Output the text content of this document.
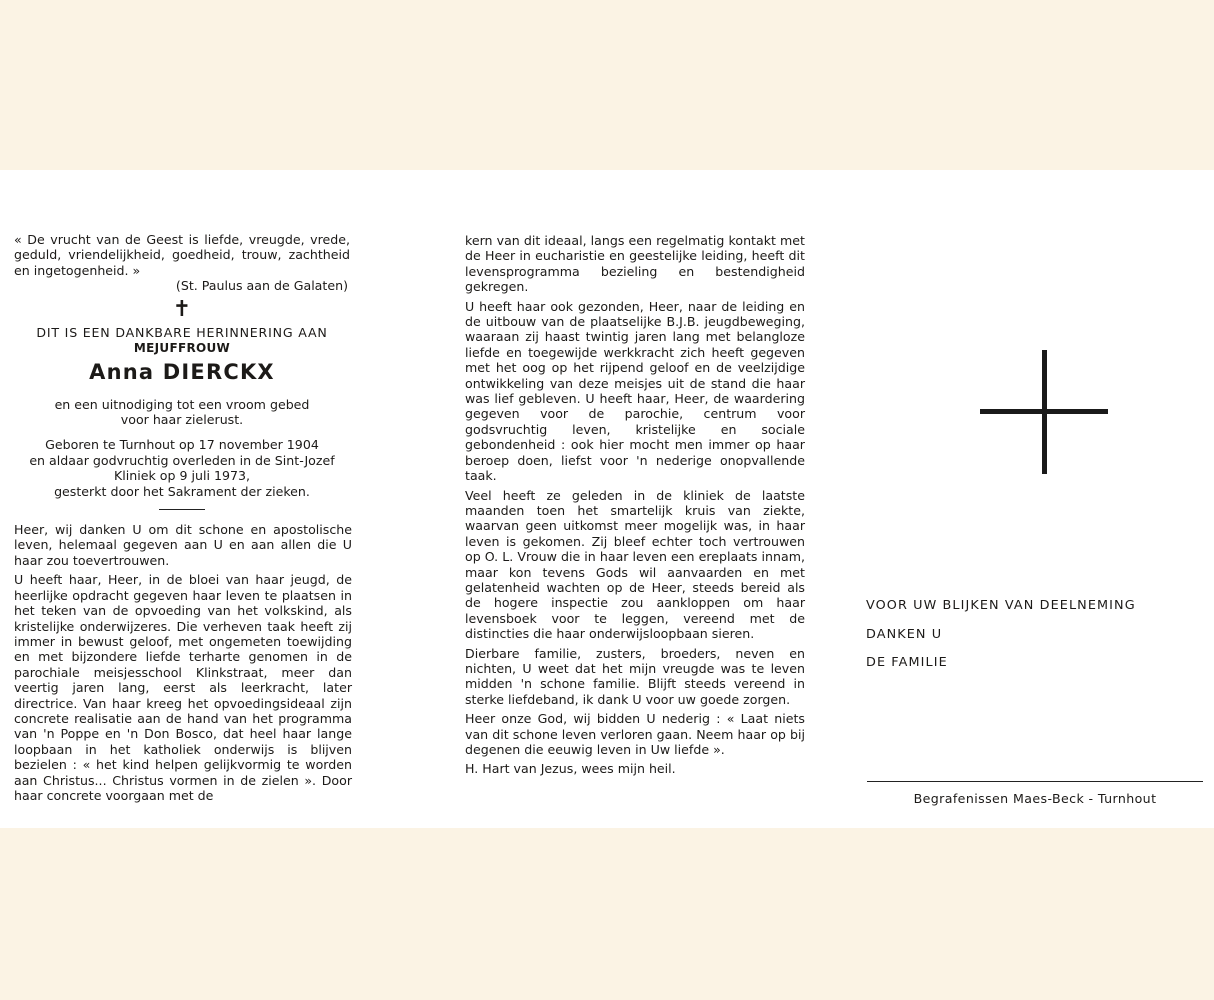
« De vrucht van de Geest is liefde, vreugde, vrede, geduld, vriendelijkheid, goedheid, trouw, zachtheid en ingetogenheid. »

(St. Paulus aan de Galaten)

✝

DIT IS EEN DANKBARE HERINNERING AAN

MEJUFFROUW

Anna DIERCKX

en een uitnodiging tot een vroom gebed

voor haar zielerust.

Geboren te Turnhout op 17 november 1904

en aldaar godvruchtig overleden in de Sint-Jozef

Kliniek op 9 juli 1973,

gesterkt door het Sakrament der zieken.

Heer, wij danken U om dit schone en apostolische leven, helemaal gegeven aan U en aan allen die U haar zou toevertrouwen.

U heeft haar, Heer, in de bloei van haar jeugd, de heerlijke opdracht gegeven haar leven te plaatsen in het teken van de opvoeding van het volkskind, als kristelijke onderwijzeres. Die verheven taak heeft zij immer in bewust geloof, met ongemeten toewijding en met bijzondere liefde terharte genomen in de parochiale meisjesschool Klinkstraat, meer dan veertig jaren lang, eerst als leerkracht, later directrice. Van haar kreeg het opvoedingsideaal zijn concrete realisatie aan de hand van het programma van 'n Poppe en 'n Don Bosco, dat heel haar lange loopbaan in het katholiek onderwijs is blijven bezielen : « het kind helpen gelijkvormig te worden aan Christus... Christus vormen in de zielen ». Door haar concrete voorgaan met de

kern van dit ideaal, langs een regelmatig kontakt met de Heer in eucharistie en geestelijke leiding, heeft dit levensprogramma bezieling en bestendigheid gekregen.

U heeft haar ook gezonden, Heer, naar de leiding en de uitbouw van de plaatselijke B.J.B. jeugdbeweging, waaraan zij haast twintig jaren lang met belangloze liefde en toegewijde werkkracht zich heeft gegeven met het oog op het rijpend geloof en de veelzijdige ontwikkeling van deze meisjes uit de stand die haar was lief gebleven. U heeft haar, Heer, de waardering gegeven voor de parochie, centrum voor godsvruchtig leven, kristelijke en sociale gebondenheid : ook hier mocht men immer op haar beroep doen, liefst voor 'n nederige onopvallende taak.

Veel heeft ze geleden in de kliniek de laatste maanden toen het smartelijk kruis van ziekte, waarvan geen uitkomst meer mogelijk was, in haar leven is gekomen. Zij bleef echter toch vertrouwen op O. L. Vrouw die in haar leven een ereplaats innam, maar kon tevens Gods wil aanvaarden en met gelatenheid wachten op de Heer, steeds bereid als de hogere inspectie zou aankloppen om haar levensboek voor te leggen, vereend met de distincties die haar onderwijsloopbaan sieren.

Dierbare familie, zusters, broeders, neven en nichten, U weet dat het mijn vreugde was te leven midden 'n schone familie. Blijft steeds vereend in sterke liefdeband, ik dank U voor uw goede zorgen.

Heer onze God, wij bidden U nederig : « Laat niets van dit schone leven verloren gaan. Neem haar op bij degenen die eeuwig leven in Uw liefde ».

H. Hart van Jezus, wees mijn heil.

VOOR UW BLIJKEN VAN DEELNEMING
DANKEN U
DE FAMILIE
Begrafenissen Maes-Beck - Turnhout
